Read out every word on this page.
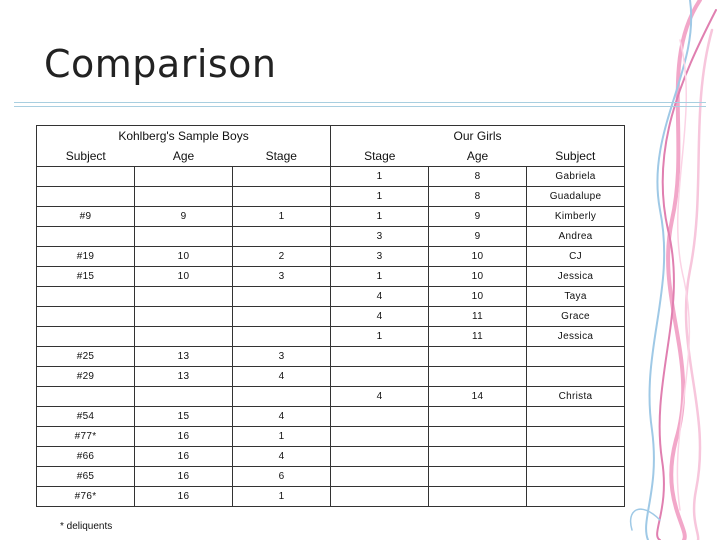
Comparison
Kohlberg's Sample Boys			Our Girls		
Subject	Age	Stage	Stage	Age	Subject
			1	8	Gabriela
			1	8	Guadalupe
#9	9	1	1	9	Kimberly
			3	9	Andrea
#19	10	2	3	10	CJ
#15	10	3	1	10	Jessica
			4	10	Taya
			4	11	Grace
			1	11	Jessica
#25	13	3			
#29	13	4			
			4	14	Christa
#54	15	4			
#77*	16	1			
#66	16	4			
#65	16	6			
#76*	16	1			

* deliquents
